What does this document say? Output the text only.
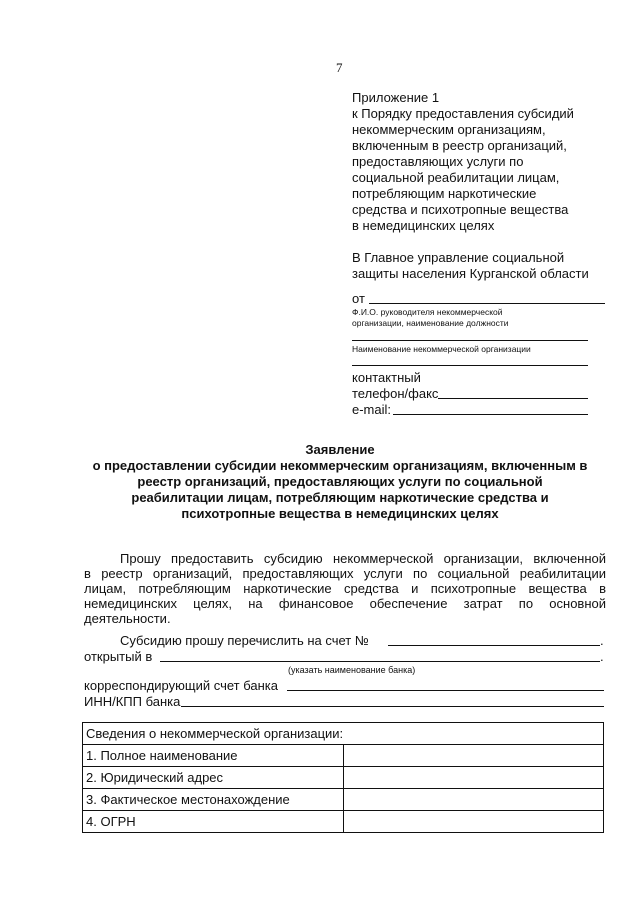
7
Приложение 1
к Порядку предоставления субсидий
некоммерческим организациям,
включенным в реестр организаций,
предоставляющих услуги по
социальной реабилитации лицам,
потребляющим наркотические
средства и психотропные вещества
в немедицинских целях
В Главное управление социальной
защиты населения Курганской области
от
Ф.И.О. руководителя некоммерческой
организации, наименование должности
Наименование некоммерческой организации
контактный
телефон/факс
e-mail:
Заявление
о предоставлении субсидии некоммерческим организациям, включенным в
реестр организаций, предоставляющих услуги по социальной
реабилитации лицам, потребляющим наркотические средства и
психотропные вещества в немедицинских целях
Прошу предоставить субсидию некоммерческой организации, включенной
в реестр организаций, предоставляющих услуги по социальной реабилитации
лицам, потребляющим наркотические средства и психотропные вещества в
немедицинских целях, на финансовое обеспечение затрат по основной
деятельности.
Субсидию прошу перечислить на счет №	.
открытый в	.
(указать наименование банка)
корреспондирующий счет банка
ИНН/КПП банка
Сведения о некоммерческой организации:	
1. Полное наименование	
2. Юридический адрес	
3. Фактическое местонахождение	
4. ОГРН	
